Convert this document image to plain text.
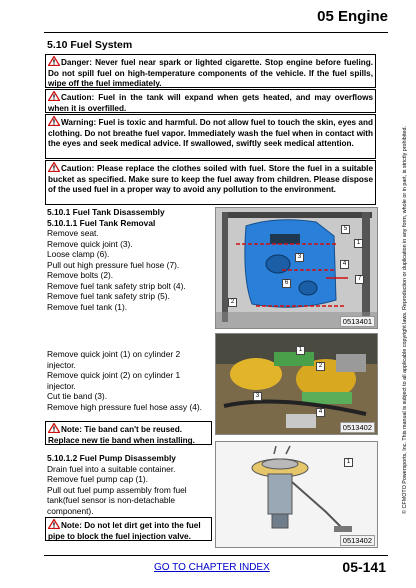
05 Engine
5.10 Fuel System
Danger: Never fuel near spark or lighted cigarette. Stop engine before fueling. Do not spill fuel on high-temperature components of the vehicle. If the fuel spills, wipe off the fuel immediately.
Caution: Fuel in the tank will expand when gets heated, and may overflows when it is overfilled.
Warning: Fuel is toxic and harmful. Do not allow fuel to touch the skin, eyes and clothing. Do not breathe fuel vapor. Immediately wash the fuel when in contact with the eyes and seek medical advice. If swallowed, swiftly seek medical attention.
Caution: Please replace the clothes soiled with fuel. Store the fuel in a suitable bucket as specified. Make sure to keep the fuel away from children. Please dispose of the used fuel in a proper way to avoid any pollution to the environment.
5.10.1 Fuel Tank Disassembly
5.10.1.1 Fuel Tank Removal
Remove seat.
Remove quick joint (3).
Loose clamp (6).
Pull out high pressure fuel hose (7).
Remove bolts (2).
Remove fuel tank safety strip bolt (4).
Remove fuel tank safety strip (5).
Remove fuel tank (1).
5
1
3
6
4
2
7
0513401
Remove quick joint (1) on cylinder 2
injector.
Remove quick joint (2) on cylinder 1
injector.
Cut tie band (3).
Remove high pressure fuel hose assy (4).
Note: Tie band can't be reused. Replace new tie band when installing.
1
2
3
4
0513402
5.10.1.2 Fuel Pump Disassembly
Drain fuel into a suitable container.
Remove fuel pump cap (1).
Pull out fuel pump assembly from fuel
tank(fuel sensor is non-detachable
component).
Note: Do not let dirt get into the fuel pipe to block the fuel injection valve.
1
0513402
© CFMOTO Powersports, Inc. This manual is subject to all applicable copyright laws. Reproduction or duplication in any form, whole or in part, is strictly prohibited.
GO TO CHAPTER INDEX	05-141
